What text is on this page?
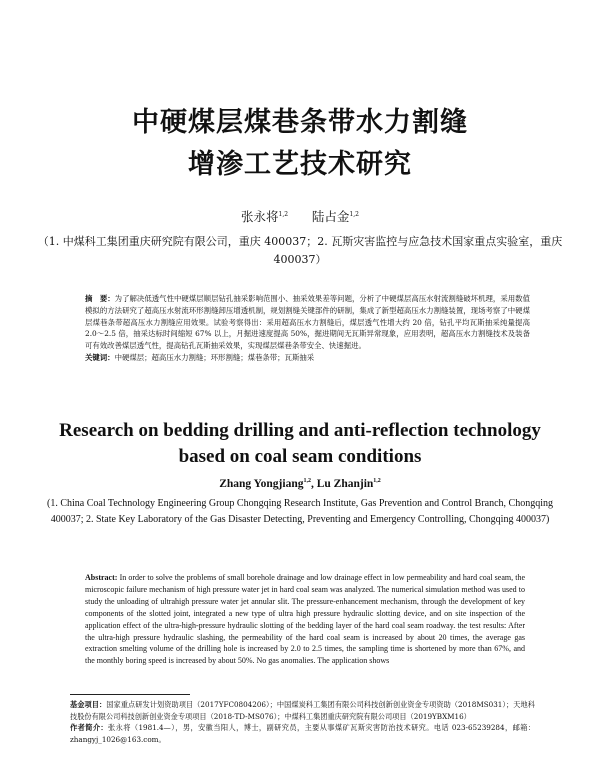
中硬煤层煤巷条带水力割缝
增渗工艺技术研究
张永将$^{1,2}$ 陆占金$^{1,2}$
（1. 中煤科工集团重庆研究院有限公司，重庆 400037；2. 瓦斯灾害监控与应急技术国家重点实验室，重庆 400037）
摘　要：为了解决低透气性中硬煤层顺层钻孔抽采影响范围小、抽采效果差等问题，分析了中硬煤层高压水射流割缝破坏机理，采用数值模拟的方法研究了超高压水射流环形割缝卸压增透机制，规划割缝关键部件的研制，集成了新型超高压水力割缝装置，现场考察了中硬煤层煤巷条带超高压水力割缝应用效果。试验考察得出：采用超高压水力割缝后，煤层透气性增大约 20 倍，钻孔平均瓦斯抽采纯量提高 2.0～2.5 倍，抽采达标时间缩短 67% 以上，月掘进速度提高 50%，掘进期间无瓦斯异常现象，应用表明，超高压水力割缝技术及装备可有效改善煤层透气性，提高钻孔瓦斯抽采效果，实现煤层煤巷条带安全、快速掘进。
关键词：中硬煤层；超高压水力割缝；环形割缝；煤巷条带；瓦斯抽采
Research on bedding drilling and anti-reflection technology
based on coal seam conditions
Zhang Yongjiang$^{1,2}$, Lu Zhanjin$^{1,2}$
(1. China Coal Technology Engineering Group Chongqing Research Institute, Gas Prevention and Control Branch, Chongqing 400037; 2. State Key Laboratory of the Gas Disaster Detecting, Preventing and Emergency Controlling, Chongqing 400037)
Abstract: In order to solve the problems of small borehole drainage and low drainage effect in low permeability and hard coal seam, the microscopic failure mechanism of high pressure water jet in hard coal seam was analyzed. The numerical simulation method was used to study the unloading of ultrahigh pressure water jet annular slit. The pressure-enhancement mechanism, through the development of key components of the slotted joint, integrated a new type of ultra high pressure hydraulic slotting device, and on site inspection of the application effect of the ultra-high-pressure hydraulic slotting of the bedding layer of the hard coal seam roadway. the test results: After the ultra-high pressure hydraulic slashing, the permeability of the hard coal seam is increased by about 20 times, the average gas extraction smelting volume of the drilling hole is increased by 2.0 to 2.5 times, the sampling time is shortened by more than 67%, and the monthly boring speed is increased by about 50%. No gas anomalies. The application shows

基金项目：国家重点研发计划资助项目（2017YFC0804206）；中国煤炭科工集团有限公司科技创新创业资金专项资助（2018MS031）；天地科技股份有限公司科技创新创业资金专项项目（2018-TD-MS076）；中煤科工集团重庆研究院有限公司项目（2019YBXM16）

作者简介：张永将（1981.4—），男，安徽当阳人，博士，副研究员，主要从事煤矿瓦斯灾害防治技术研究。电话 023-65239284，邮箱：zhangyj_1026@163.com。
